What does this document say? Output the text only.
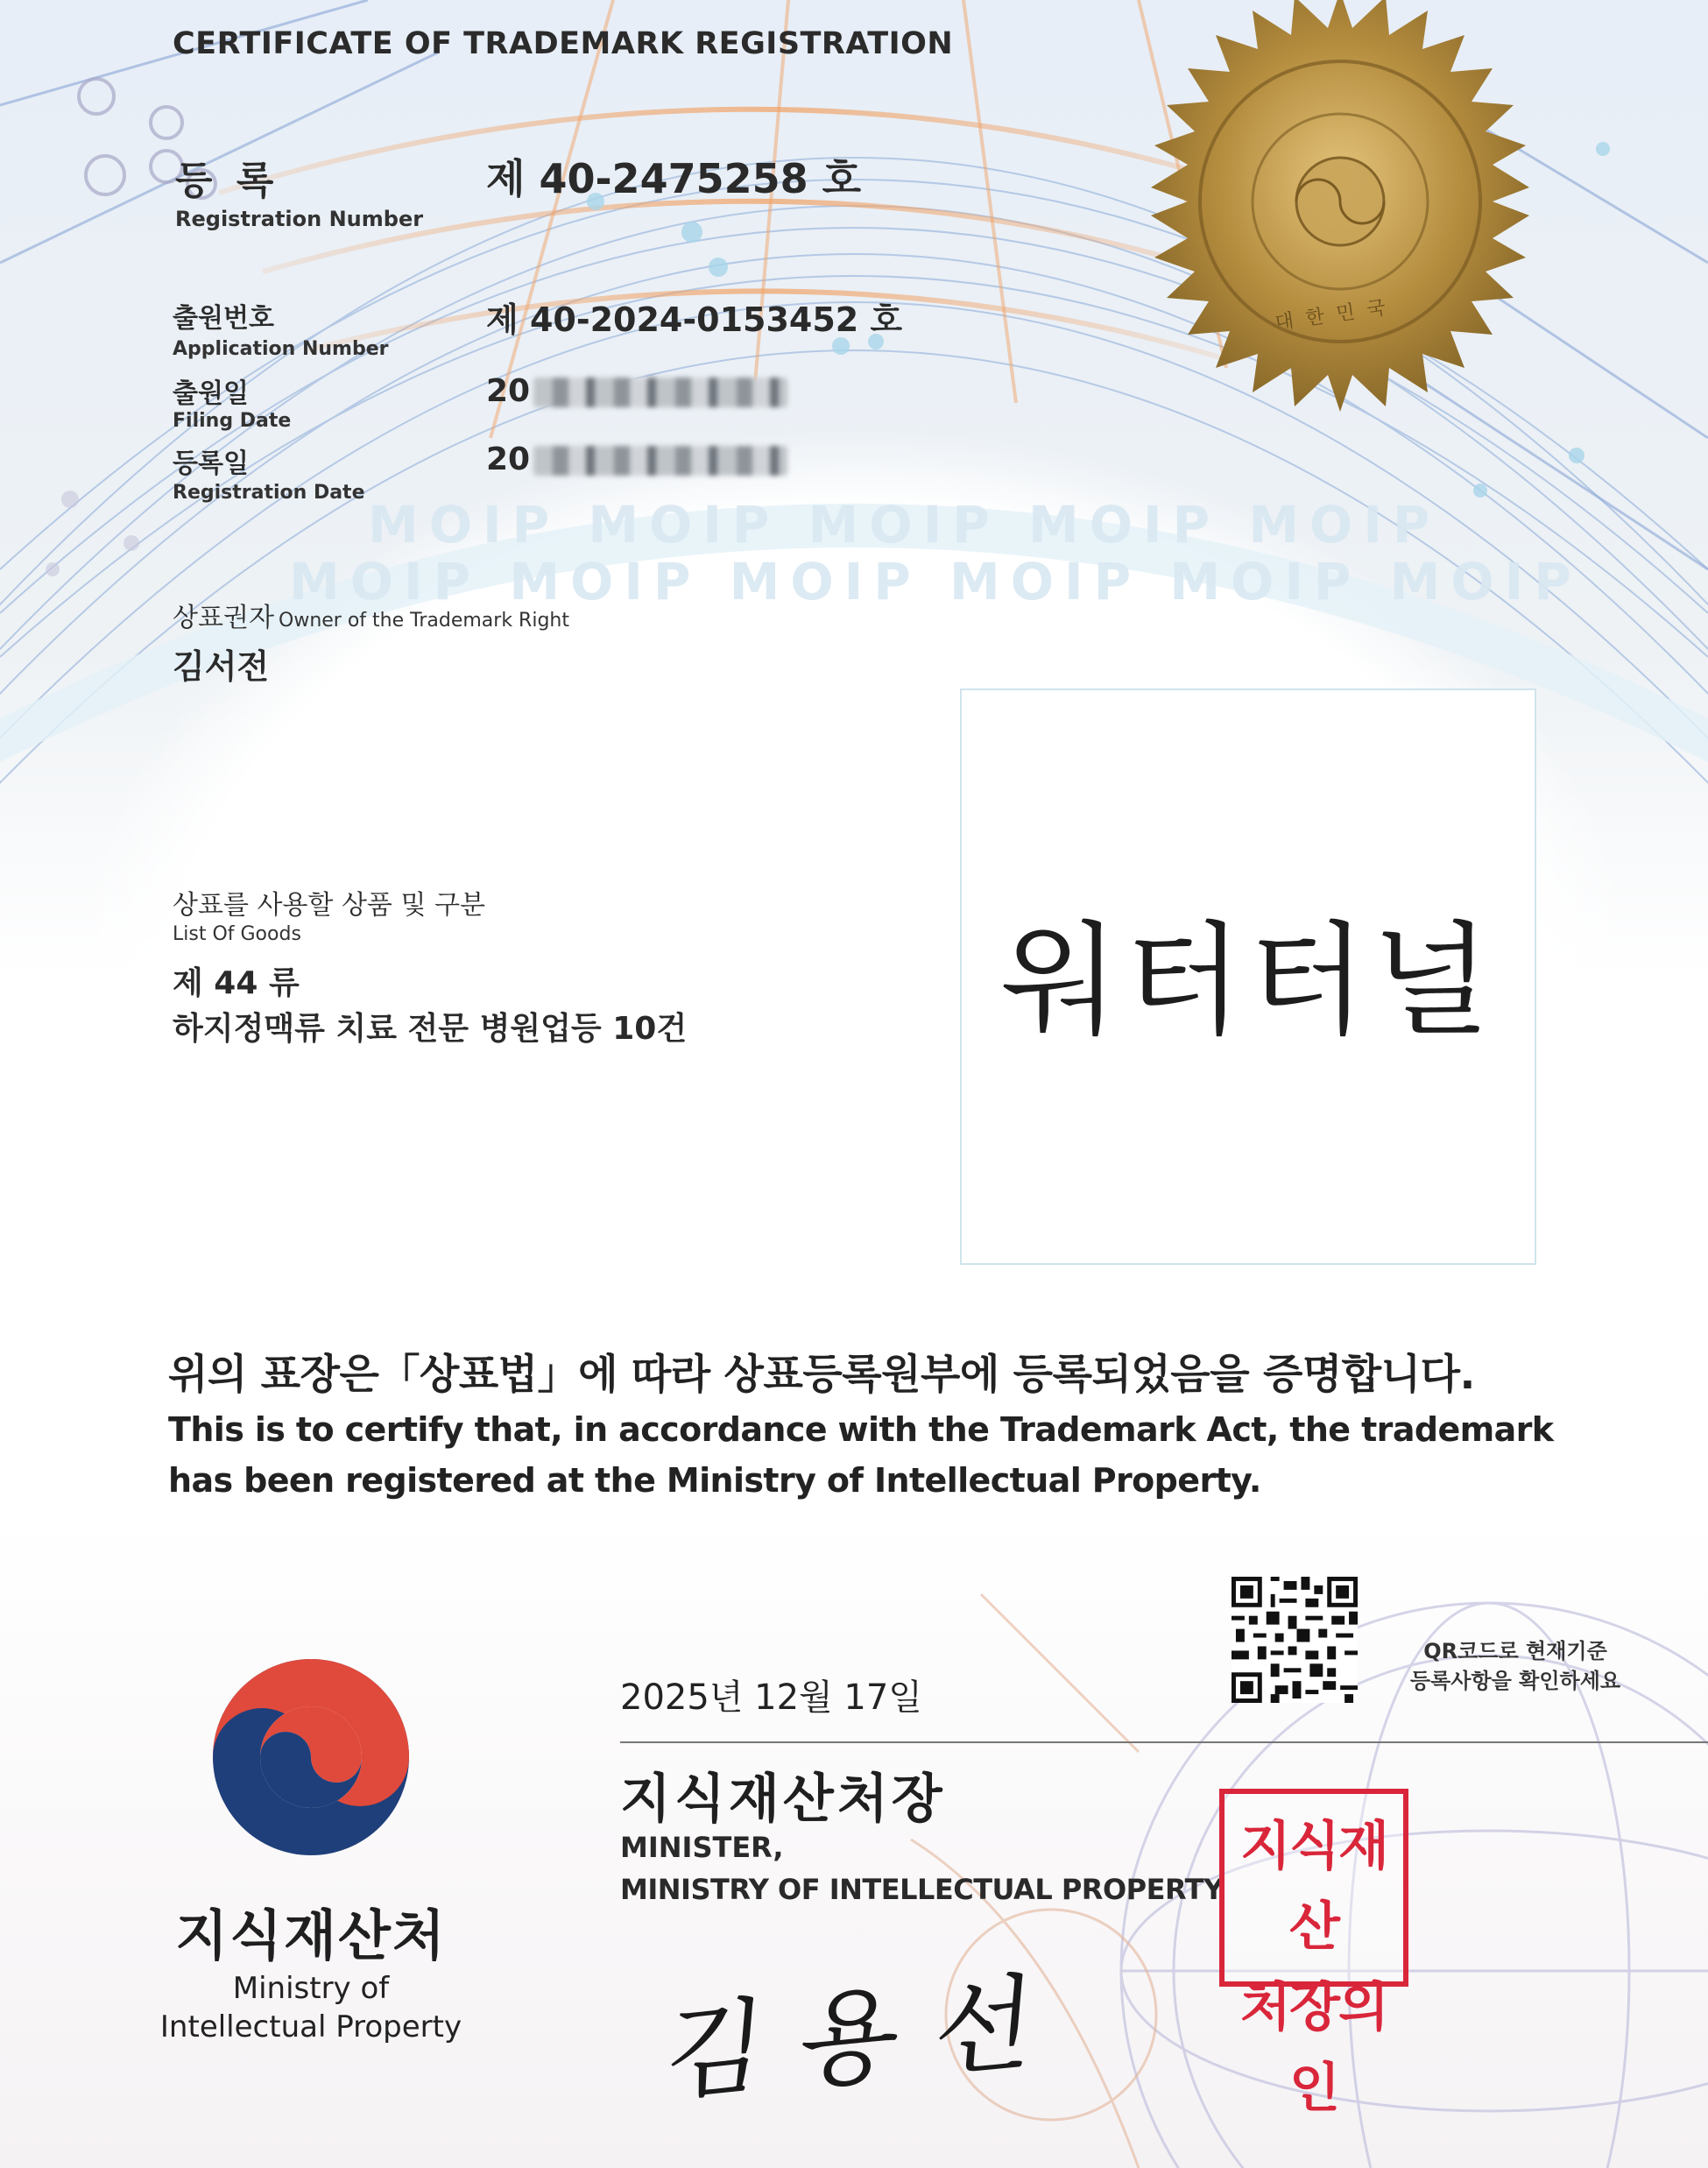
대한민국
CERTIFICATE OF TRADEMARK REGISTRATION
등 록
Registration Number
제 40-2475258 호
출원번호
Application Number
제 40-2024-0153452 호
출원일
Filing Date
20
등록일
Registration Date
20
MOIP MOIP MOIP MOIP MOIP
MOIP MOIP MOIP MOIP MOIP MOIP
상표권자 Owner of the Trademark Right
김서전
상표를 사용할 상품 및 구분
List Of Goods
제 44 류
하지정맥류 치료 전문 병원업등 10건	워터터널
위의 표장은「상표법」에 따라 상표등록원부에 등록되었음을 증명합니다.
This is to certify that, in accordance with the Trademark Act, the trademark
has been registered at the Ministry of Intellectual Property.
QR코드로 현재기준
등록사항을 확인하세요
2025년 12월 17일
지식재산처장
MINISTER,
MINISTRY OF INTELLECTUAL PROPERTY
김용선
지식재산
처장의인
지식재산처
Ministry of
Intellectual Property
